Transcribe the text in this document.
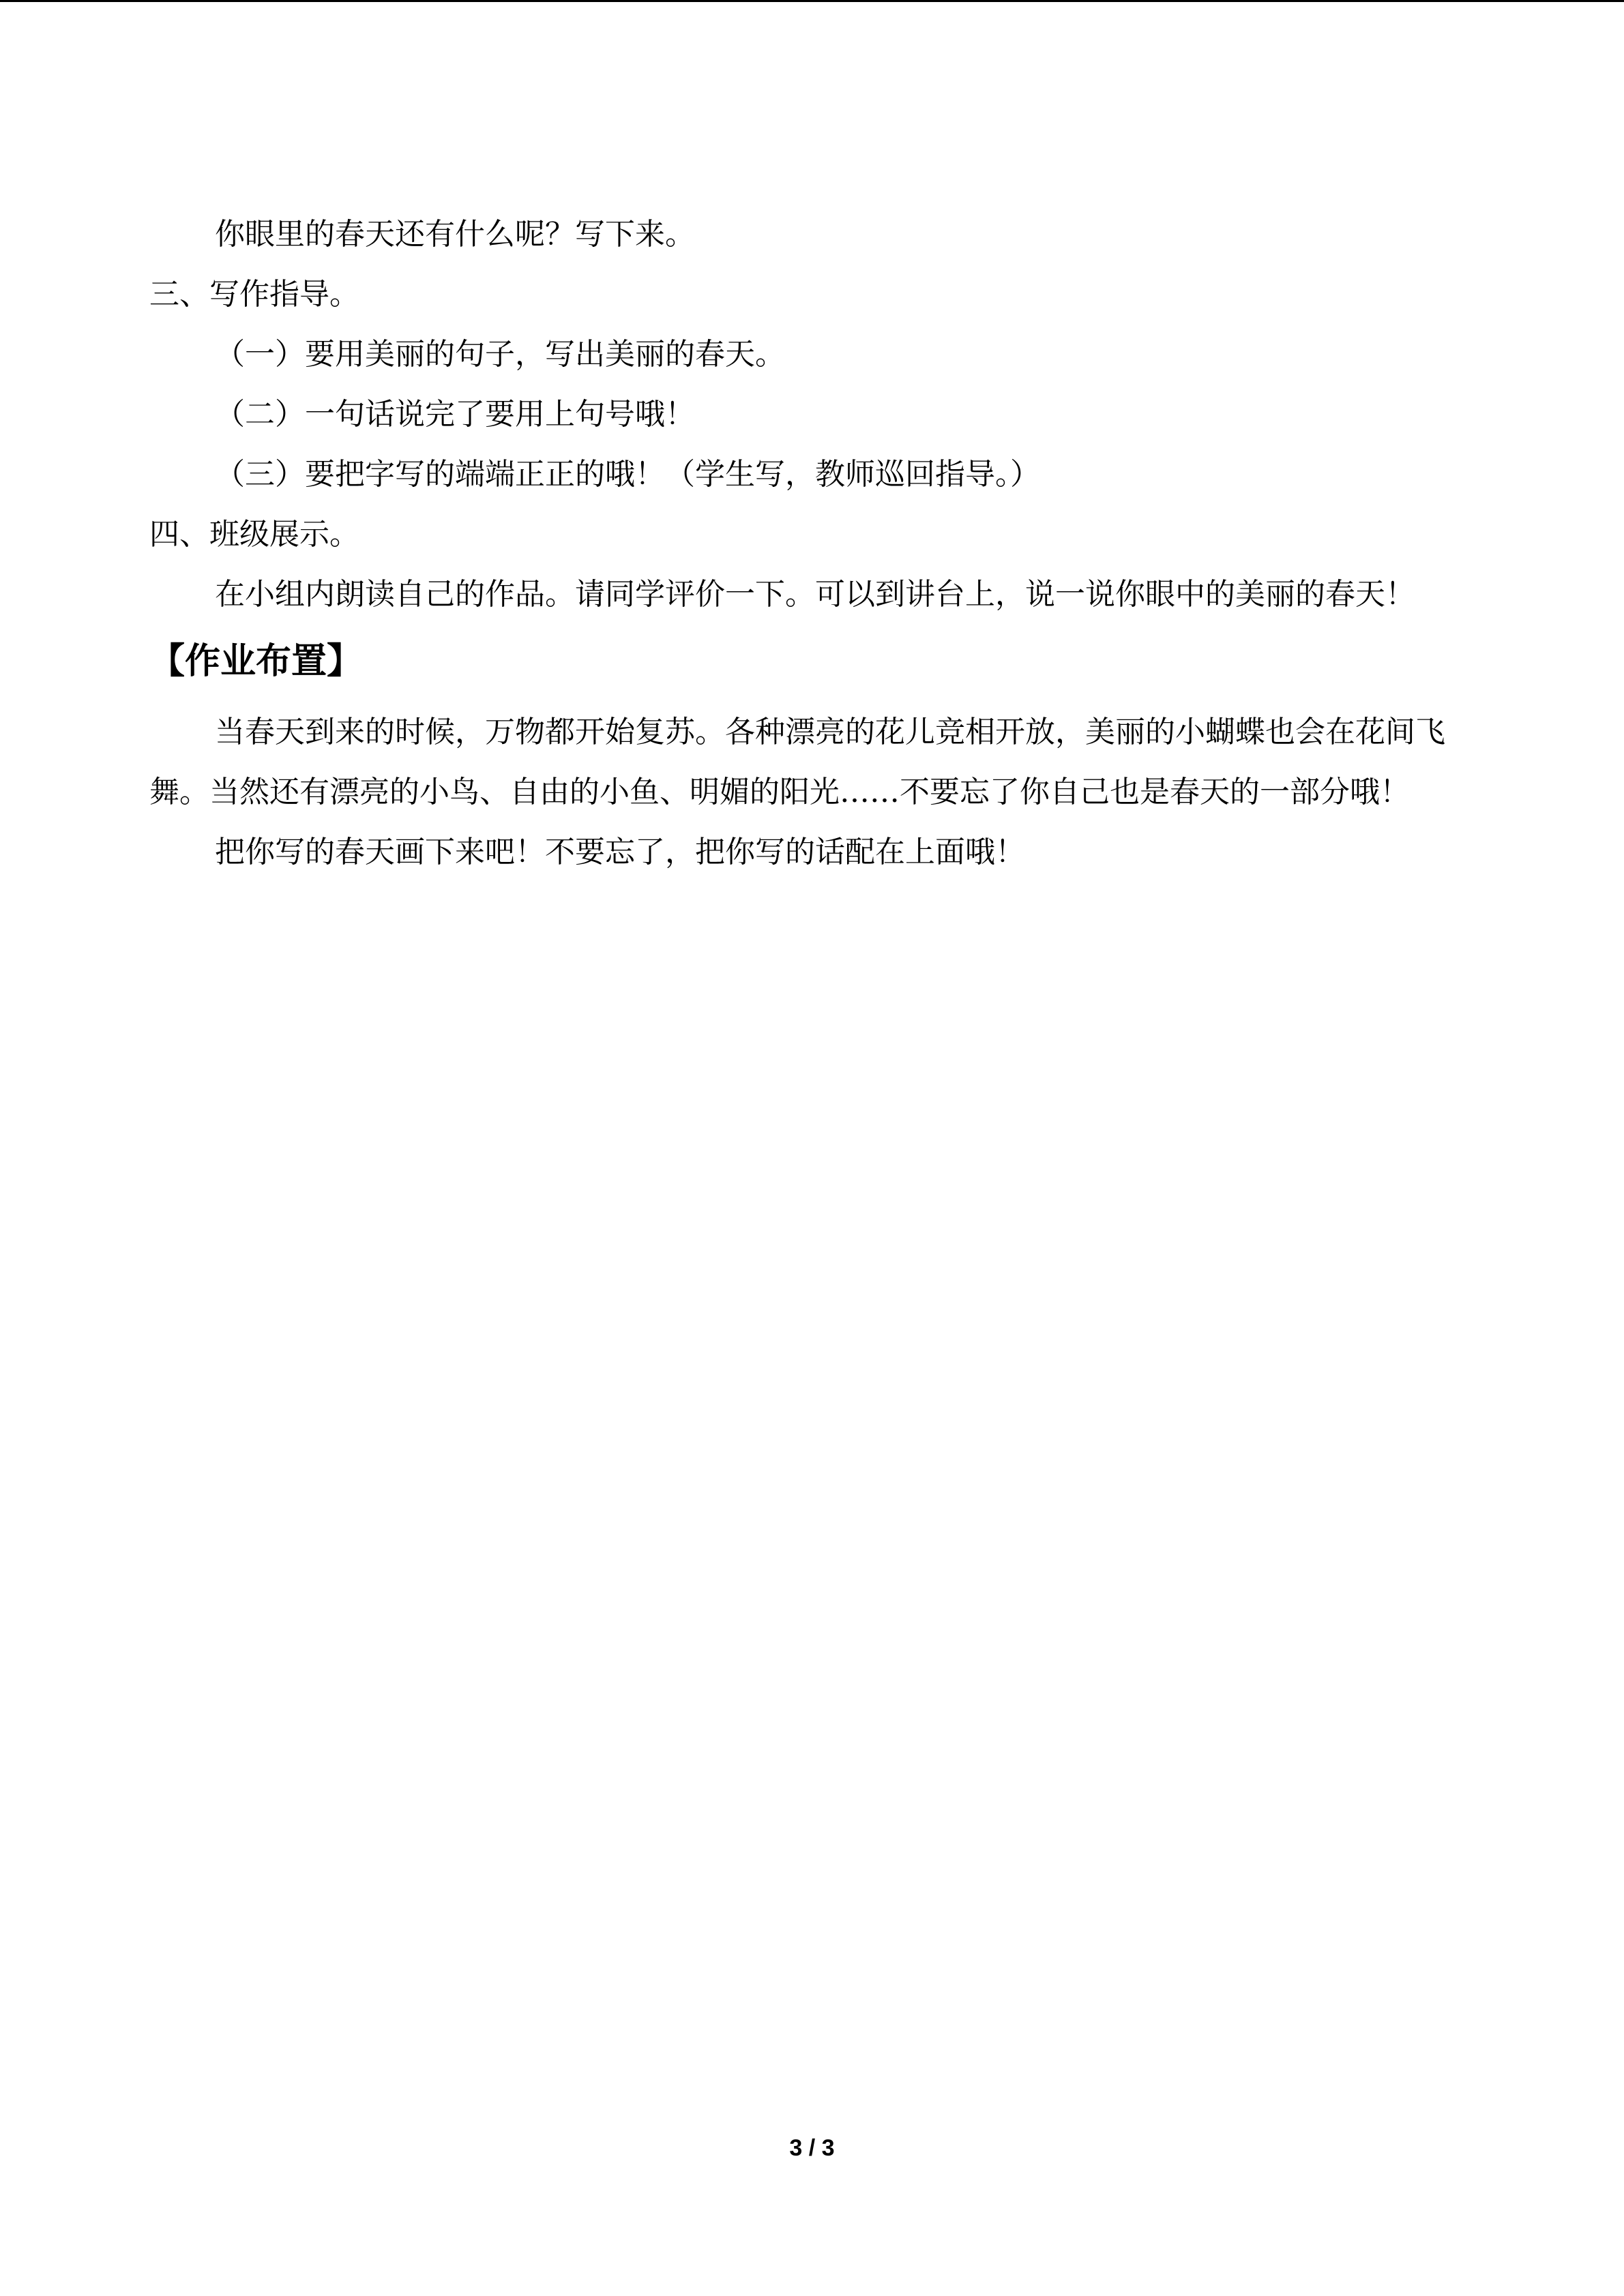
你眼里的春天还有什么呢？写下来。

三、写作指导。

（一）要用美丽的句子，写出美丽的春天。

（二）一句话说完了要用上句号哦！

（三）要把字写的端端正正的哦！（学生写，教师巡回指导。）

四、班级展示。

在小组内朗读自己的作品。请同学评价一下。可以到讲台上，说一说你眼中的美丽的春天！

【作业布置】

当春天到来的时候，万物都开始复苏。各种漂亮的花儿竞相开放，美丽的小蝴蝶也会在花间飞舞。当然还有漂亮的小鸟、自由的小鱼、明媚的阳光……不要忘了你自己也是春天的一部分哦！

把你写的春天画下来吧！不要忘了，把你写的话配在上面哦！

3 / 3
